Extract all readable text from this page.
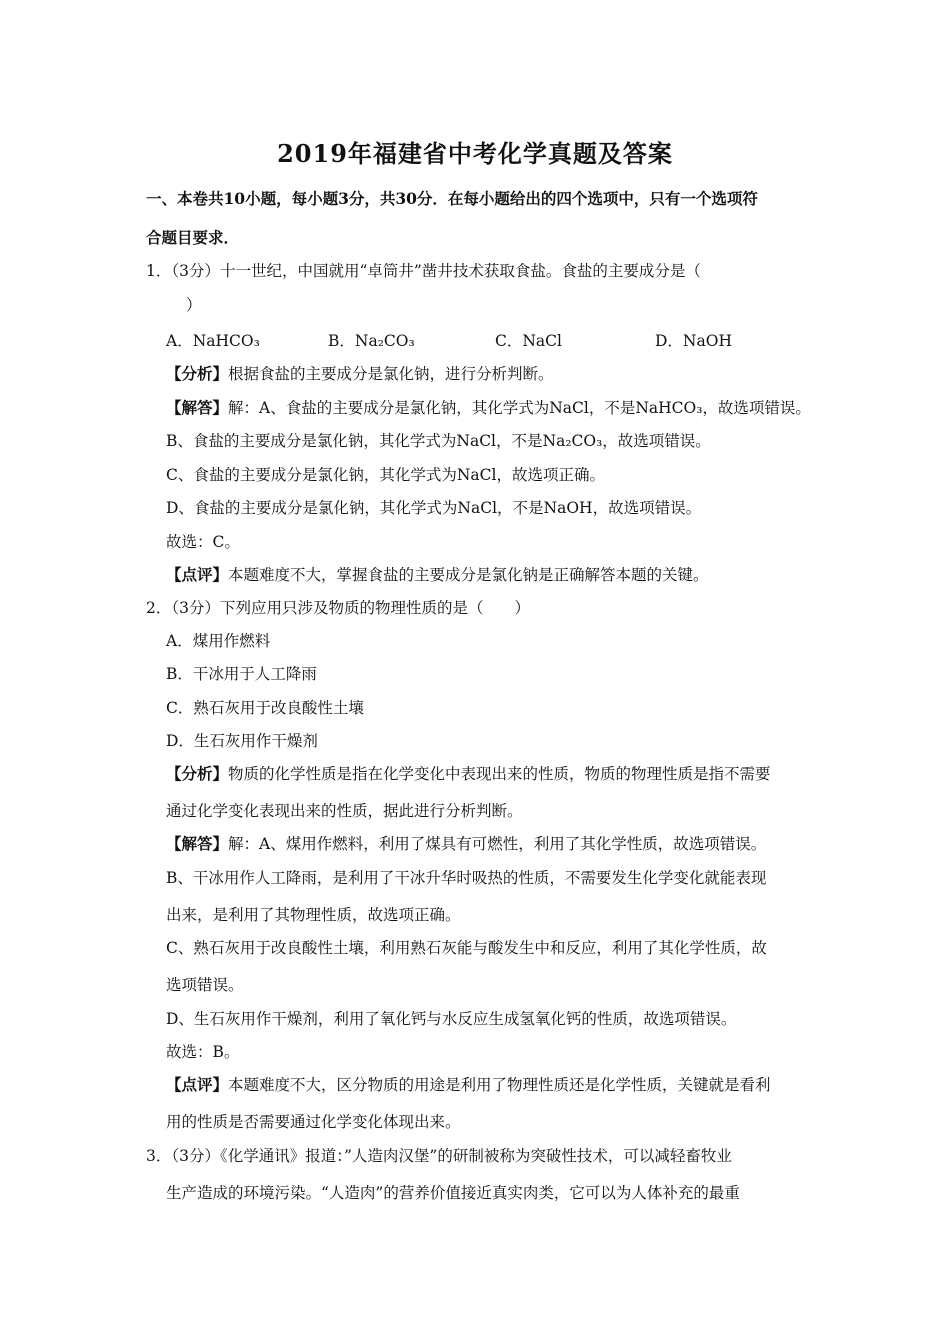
2019年福建省中考化学真题及答案
一、本卷共10小题，每小题3分，共30分．在每小题给出的四个选项中，只有一个选项符
合题目要求．
1．（3分）十一世纪，中国就用“卓筒井”凿井技术获取食盐。食盐的主要成分是（
）
A．NaHCO₃	B．Na₂CO₃	C．NaCl	D．NaOH
【分析】根据食盐的主要成分是氯化钠，进行分析判断。
【解答】解：A、食盐的主要成分是氯化钠，其化学式为NaCl，不是NaHCO₃，故选项错误。
B、食盐的主要成分是氯化钠，其化学式为NaCl，不是Na₂CO₃，故选项错误。
C、食盐的主要成分是氯化钠，其化学式为NaCl，故选项正确。
D、食盐的主要成分是氯化钠，其化学式为NaCl，不是NaOH，故选项错误。
故选：C。
【点评】本题难度不大，掌握食盐的主要成分是氯化钠是正确解答本题的关键。
2．（3分）下列应用只涉及物质的物理性质的是（　　）
A．煤用作燃料
B．干冰用于人工降雨
C．熟石灰用于改良酸性土壤
D．生石灰用作干燥剂
【分析】物质的化学性质是指在化学变化中表现出来的性质，物质的物理性质是指不需要
通过化学变化表现出来的性质，据此进行分析判断。
【解答】解：A、煤用作燃料，利用了煤具有可燃性，利用了其化学性质，故选项错误。
B、干冰用作人工降雨，是利用了干冰升华时吸热的性质，不需要发生化学变化就能表现
出来，是利用了其物理性质，故选项正确。
C、熟石灰用于改良酸性土壤，利用熟石灰能与酸发生中和反应，利用了其化学性质，故
选项错误。
D、生石灰用作干燥剂，利用了氧化钙与水反应生成氢氧化钙的性质，故选项错误。
故选：B。
【点评】本题难度不大，区分物质的用途是利用了物理性质还是化学性质，关键就是看利
用的性质是否需要通过化学变化体现出来。
3．（3分）《化学通讯》报道：”人造肉汉堡”的研制被称为突破性技术，可以减轻畜牧业
生产造成的环境污染。“人造肉”的营养价值接近真实肉类，它可以为人体补充的最重
